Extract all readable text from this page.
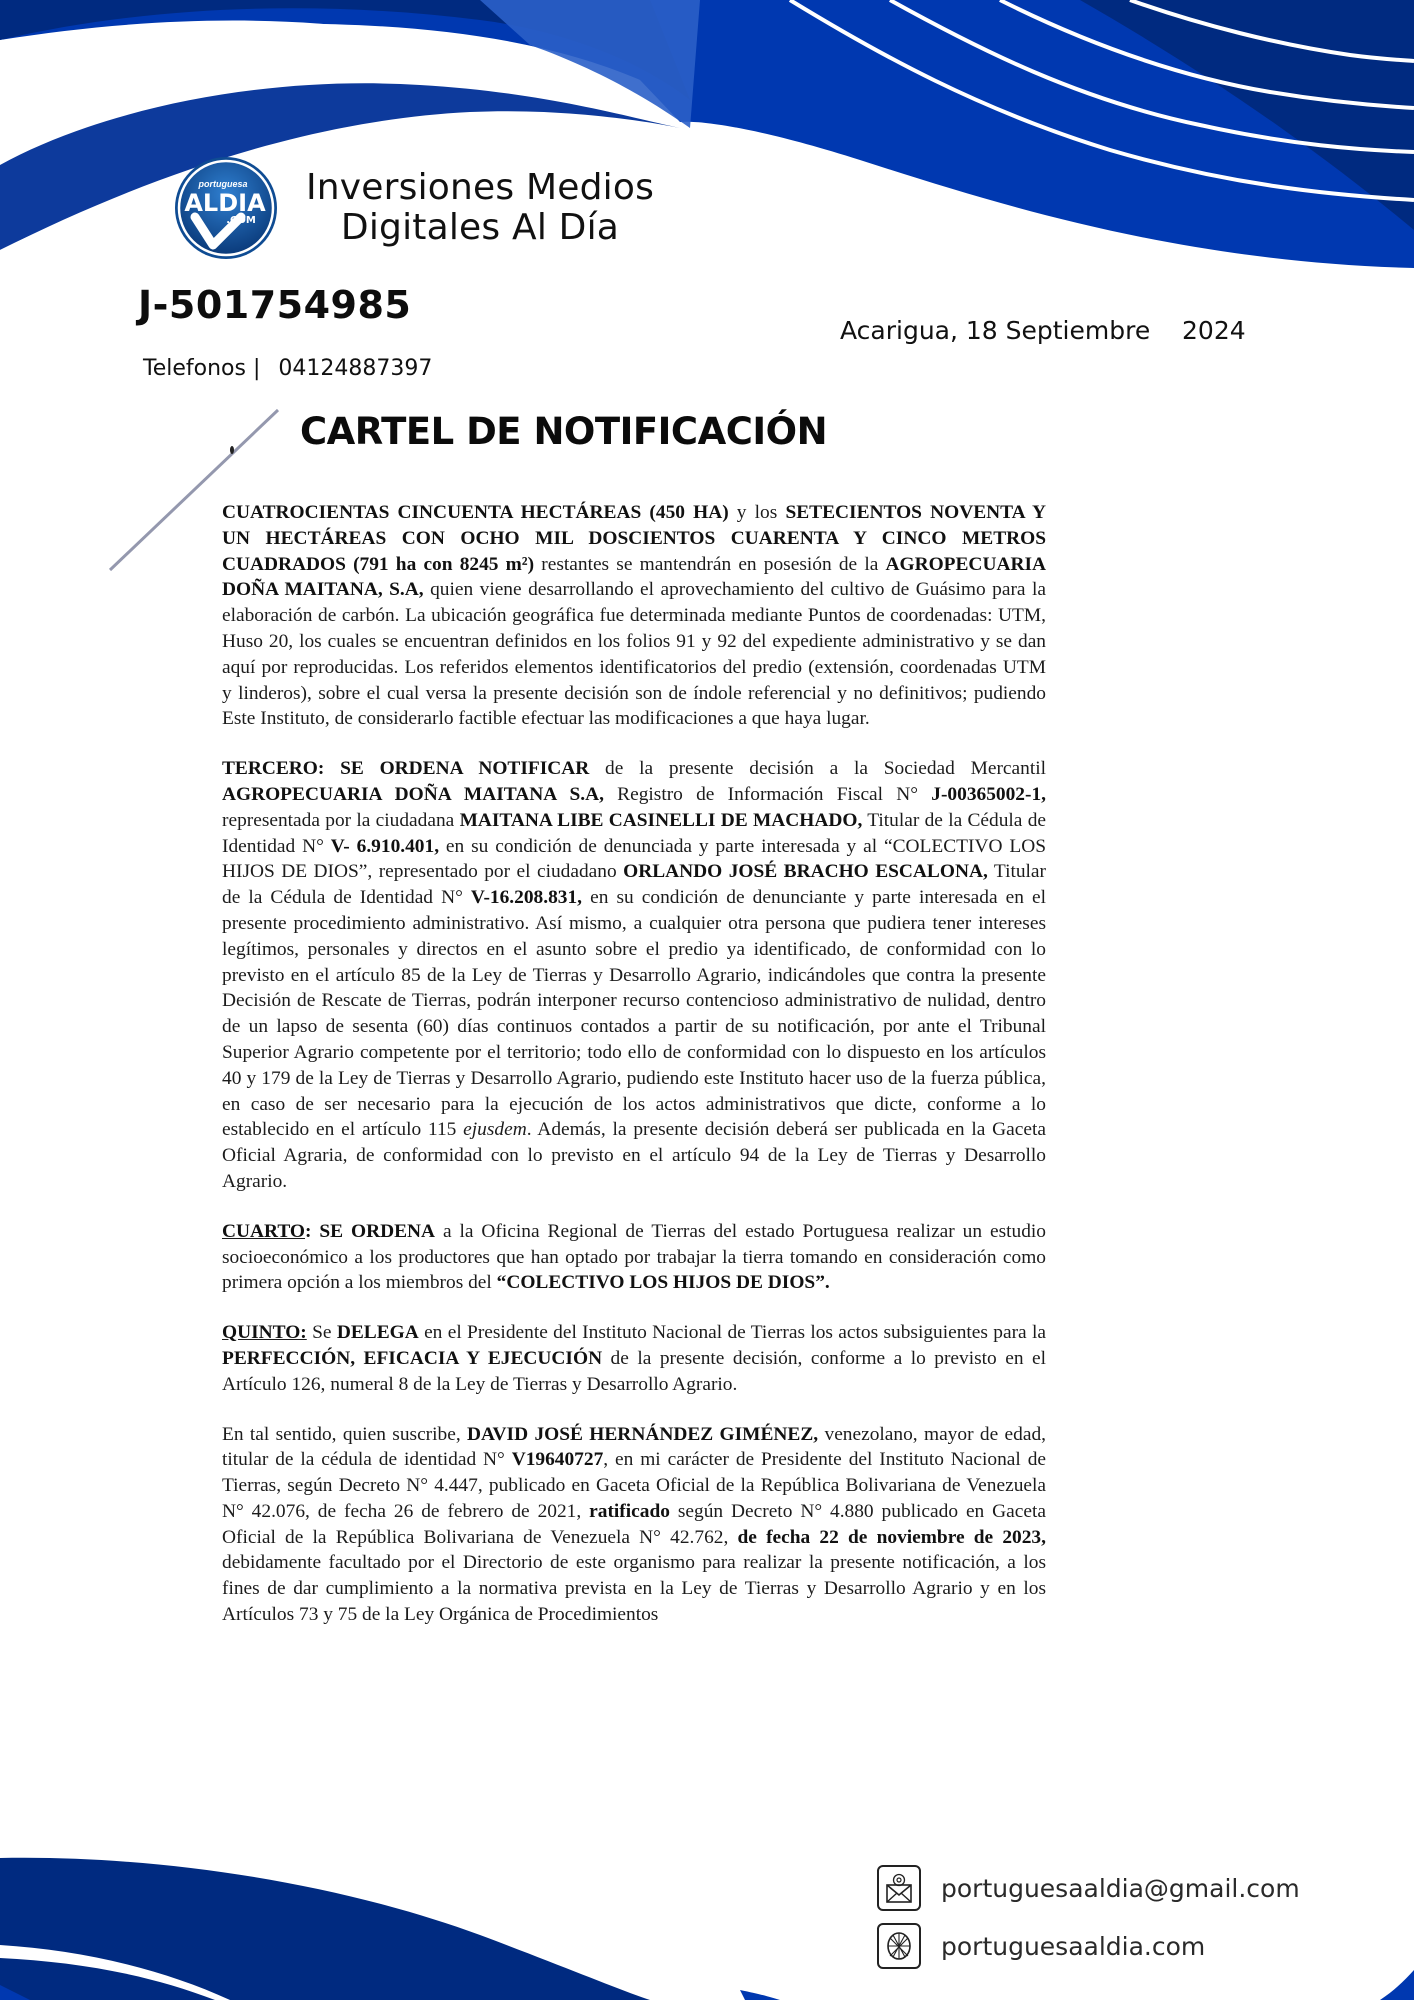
portuguesa
ALDIA
.COM
Inversiones Medios
Digitales Al Día
J-501754985
Telefonos | 04124887397
Acarigua, 18 Septiembre    2024
CARTEL DE NOTIFICACIÓN

CUATROCIENTAS CINCUENTA HECTÁREAS (450 HA) y los SETECIENTOS NOVENTA Y UN HECTÁREAS CON OCHO MIL DOSCIENTOS CUARENTA Y CINCO METROS CUADRADOS (791 ha con 8245 m²) restantes se mantendrán en posesión de la AGROPECUARIA DOÑA MAITANA, S.A, quien viene desarrollando el aprovechamiento del cultivo de Guásimo para la elaboración de carbón. La ubicación geográfica fue determinada mediante Puntos de coordenadas: UTM, Huso 20, los cuales se encuentran definidos en los folios 91 y 92 del expediente administrativo y se dan aquí por reproducidas. Los referidos elementos identificatorios del predio (extensión, coordenadas UTM y linderos), sobre el cual versa la presente decisión son de índole referencial y no definitivos; pudiendo Este Instituto, de considerarlo factible efectuar las modificaciones a que haya lugar.

TERCERO: SE ORDENA NOTIFICAR de la presente decisión a la Sociedad Mercantil AGROPECUARIA DOÑA MAITANA S.A, Registro de Información Fiscal N° J-00365002-1, representada por la ciudadana MAITANA LIBE CASINELLI DE MACHADO, Titular de la Cédula de Identidad N° V- 6.910.401, en su condición de denunciada y parte interesada y al “COLECTIVO LOS HIJOS DE DIOS”, representado por el ciudadano ORLANDO JOSÉ BRACHO ESCALONA, Titular de la Cédula de Identidad N° V-16.208.831, en su condición de denunciante y parte interesada en el presente procedimiento administrativo. Así mismo, a cualquier otra persona que pudiera tener intereses legítimos, personales y directos en el asunto sobre el predio ya identificado, de conformidad con lo previsto en el artículo 85 de la Ley de Tierras y Desarrollo Agrario, indicándoles que contra la presente Decisión de Rescate de Tierras, podrán interponer recurso contencioso administrativo de nulidad, dentro de un lapso de sesenta (60) días continuos contados a partir de su notificación, por ante el Tribunal Superior Agrario competente por el territorio; todo ello de conformidad con lo dispuesto en los artículos 40 y 179 de la Ley de Tierras y Desarrollo Agrario, pudiendo este Instituto hacer uso de la fuerza pública, en caso de ser necesario para la ejecución de los actos administrativos que dicte, conforme a lo establecido en el artículo 115 ejusdem. Además, la presente decisión deberá ser publicada en la Gaceta Oficial Agraria, de conformidad con lo previsto en el artículo 94 de la Ley de Tierras y Desarrollo Agrario.

CUARTO: SE ORDENA a la Oficina Regional de Tierras del estado Portuguesa realizar un estudio socioeconómico a los productores que han optado por trabajar la tierra tomando en consideración como primera opción a los miembros del “COLECTIVO LOS HIJOS DE DIOS”.

QUINTO: Se DELEGA en el Presidente del Instituto Nacional de Tierras los actos subsiguientes para la PERFECCIÓN, EFICACIA Y EJECUCIÓN de la presente decisión, conforme a lo previsto en el Artículo 126, numeral 8 de la Ley de Tierras y Desarrollo Agrario.

En tal sentido, quien suscribe, DAVID JOSÉ HERNÁNDEZ GIMÉNEZ, venezolano, mayor de edad, titular de la cédula de identidad N° V19640727, en mi carácter de Presidente del Instituto Nacional de Tierras, según Decreto N° 4.447, publicado en Gaceta Oficial de la República Bolivariana de Venezuela N° 42.076, de fecha 26 de febrero de 2021, ratificado según Decreto N° 4.880 publicado en Gaceta Oficial de la República Bolivariana de Venezuela N° 42.762, de fecha 22 de noviembre de 2023, debidamente facultado por el Directorio de este organismo para realizar la presente notificación, a los fines de dar cumplimiento a la normativa prevista en la Ley de Tierras y Desarrollo Agrario y en los Artículos 73 y 75 de la Ley Orgánica de Procedimientos

portuguesaaldia@gmail.com
portuguesaaldia.com
